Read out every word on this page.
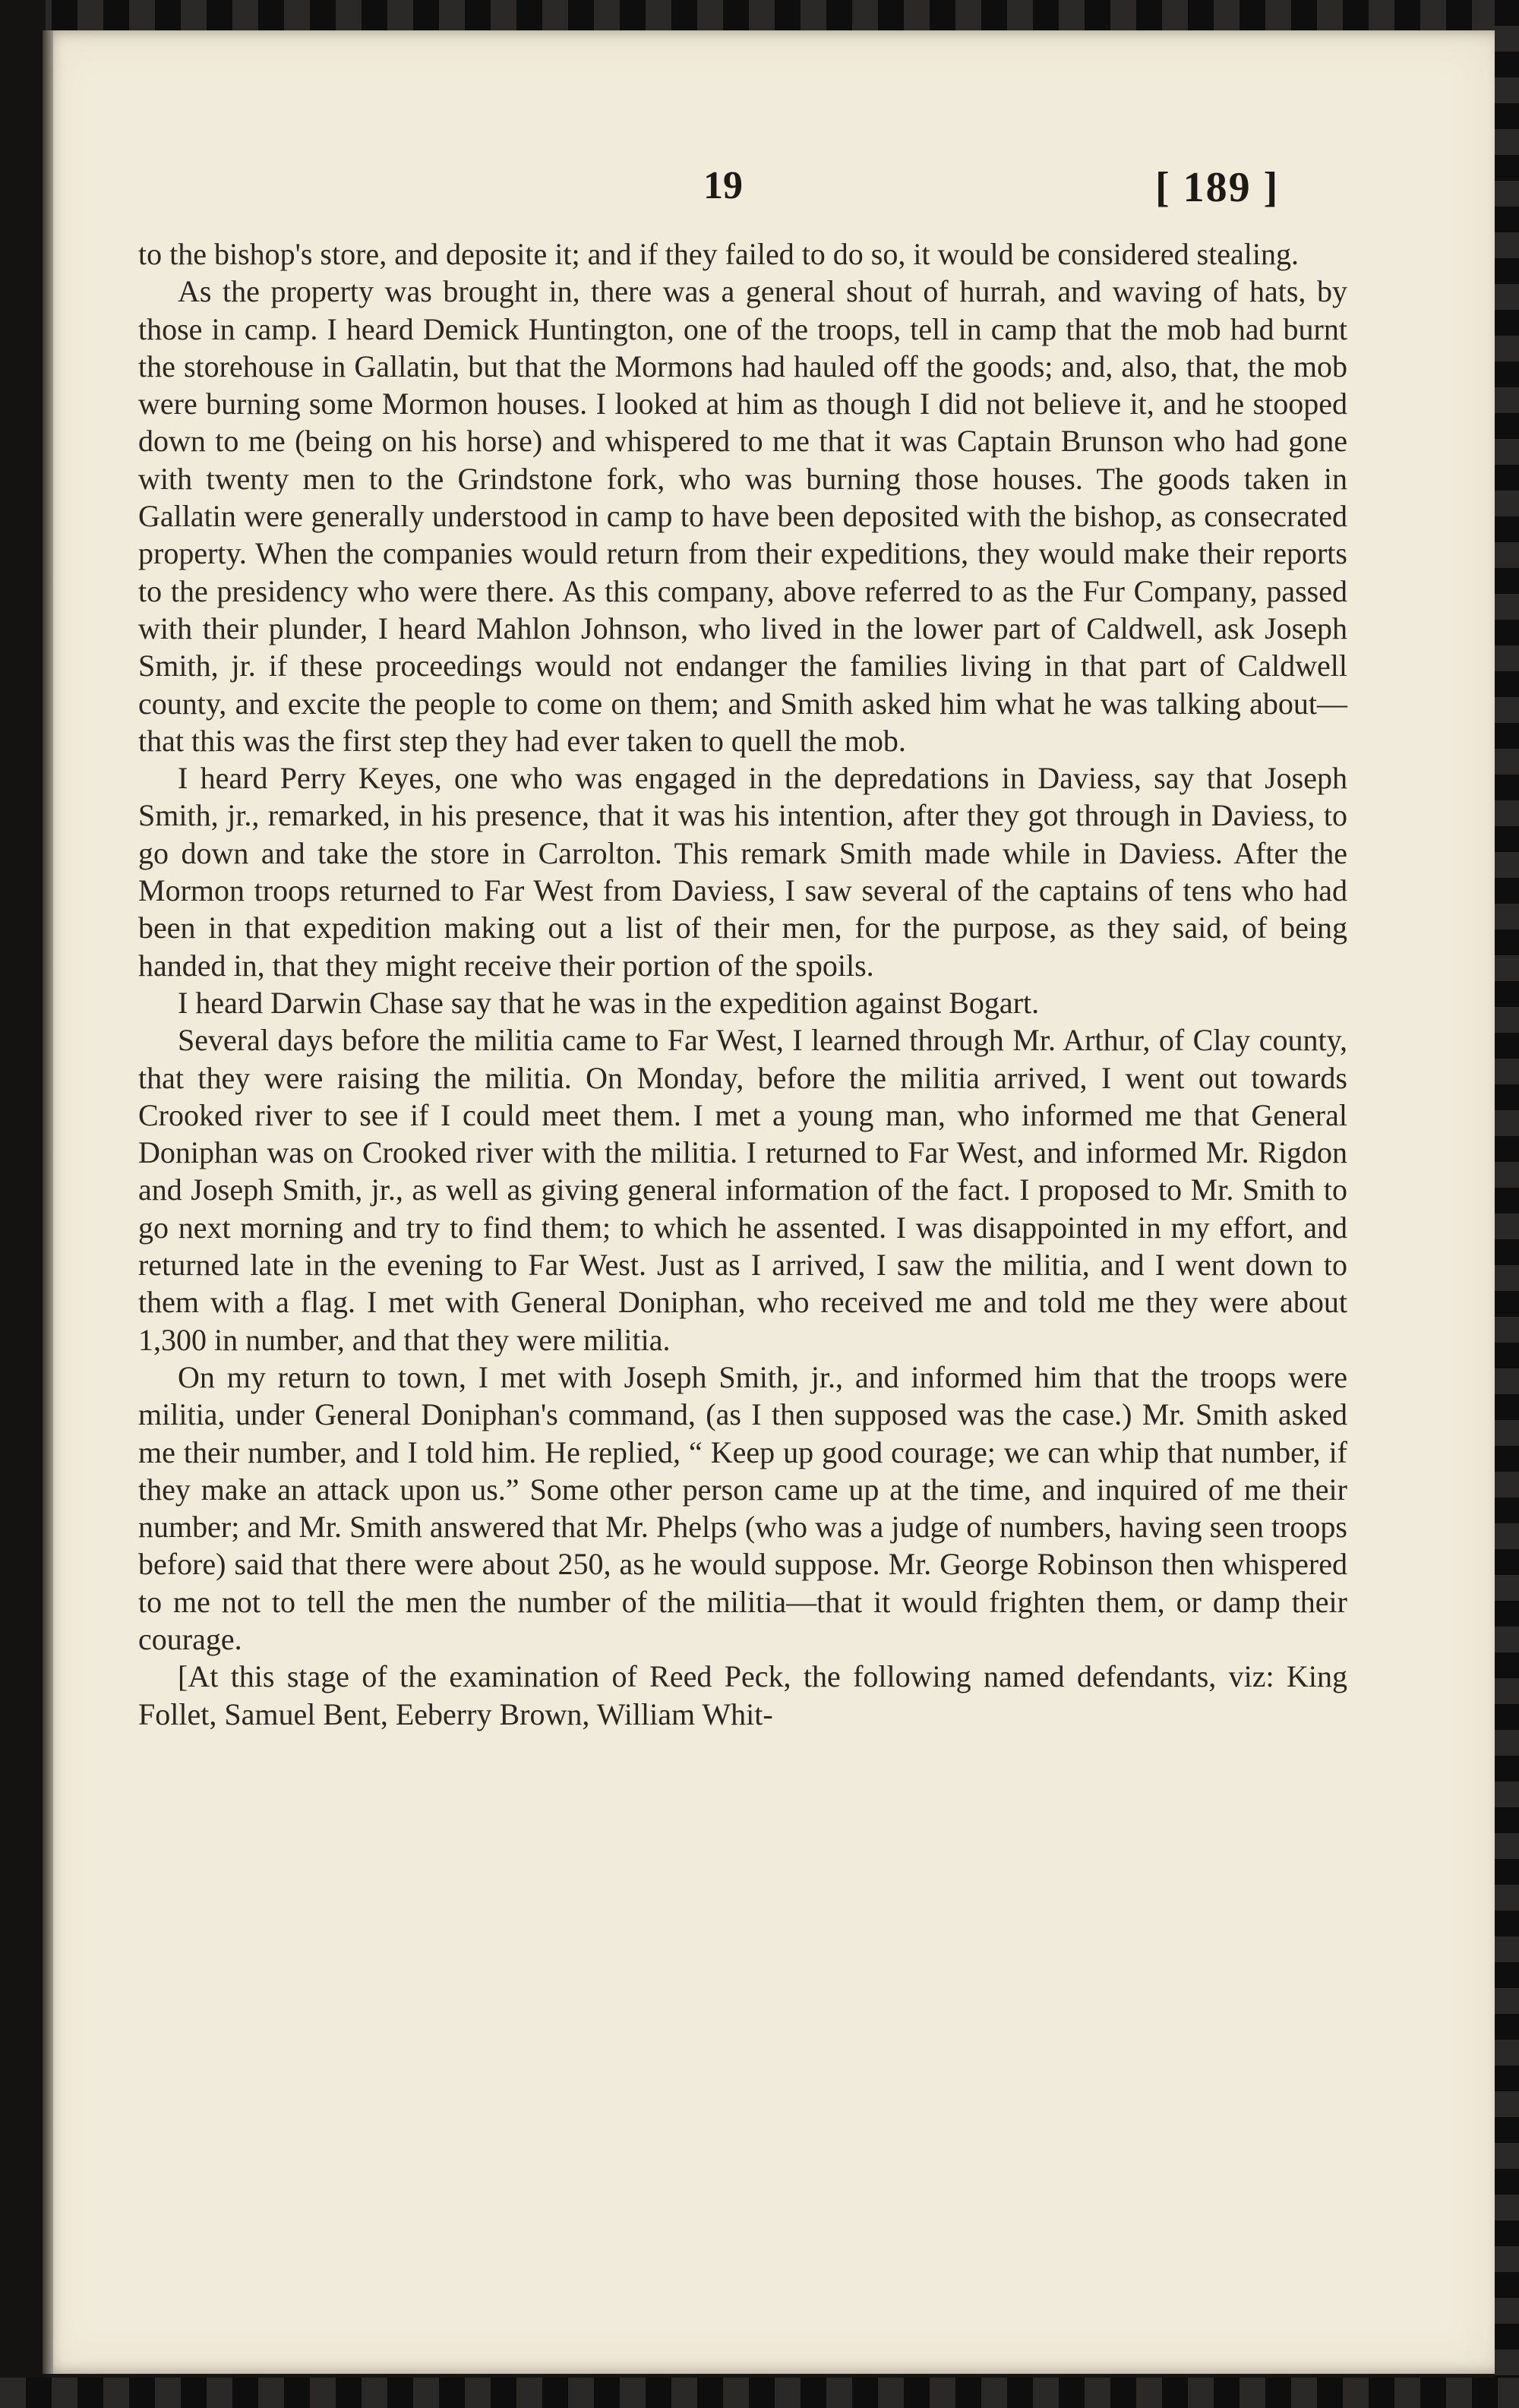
19	[ 189 ]

to the bishop's store, and deposite it; and if they failed to do so, it would be considered stealing.

As the property was brought in, there was a general shout of hurrah, and waving of hats, by those in camp. I heard Demick Huntington, one of the troops, tell in camp that the mob had burnt the storehouse in Gallatin, but that the Mormons had hauled off the goods; and, also, that, the mob were burning some Mormon houses. I looked at him as though I did not believe it, and he stooped down to me (being on his horse) and whispered to me that it was Captain Brunson who had gone with twenty men to the Grindstone fork, who was burning those houses. The goods taken in Gallatin were generally understood in camp to have been deposited with the bishop, as consecrated property. When the companies would return from their expeditions, they would make their reports to the presidency who were there. As this company, above referred to as the Fur Company, passed with their plunder, I heard Mahlon Johnson, who lived in the lower part of Caldwell, ask Joseph Smith, jr. if these proceedings would not endanger the families living in that part of Caldwell county, and excite the people to come on them; and Smith asked him what he was talking about—that this was the first step they had ever taken to quell the mob.

I heard Perry Keyes, one who was engaged in the depredations in Daviess, say that Joseph Smith, jr., remarked, in his presence, that it was his intention, after they got through in Daviess, to go down and take the store in Carrolton. This remark Smith made while in Daviess. After the Mormon troops returned to Far West from Daviess, I saw several of the captains of tens who had been in that expedition making out a list of their men, for the purpose, as they said, of being handed in, that they might receive their portion of the spoils.

I heard Darwin Chase say that he was in the expedition against Bogart.

Several days before the militia came to Far West, I learned through Mr. Arthur, of Clay county, that they were raising the militia. On Monday, before the militia arrived, I went out towards Crooked river to see if I could meet them. I met a young man, who informed me that General Doniphan was on Crooked river with the militia. I returned to Far West, and informed Mr. Rigdon and Joseph Smith, jr., as well as giving general information of the fact. I proposed to Mr. Smith to go next morning and try to find them; to which he assented. I was disappointed in my effort, and returned late in the evening to Far West. Just as I arrived, I saw the militia, and I went down to them with a flag. I met with General Doniphan, who received me and told me they were about 1,300 in number, and that they were militia.

On my return to town, I met with Joseph Smith, jr., and informed him that the troops were militia, under General Doniphan's command, (as I then supposed was the case.) Mr. Smith asked me their number, and I told him. He replied, “ Keep up good courage; we can whip that number, if they make an attack upon us.” Some other person came up at the time, and inquired of me their number; and Mr. Smith answered that Mr. Phelps (who was a judge of numbers, having seen troops before) said that there were about 250, as he would suppose. Mr. George Robinson then whispered to me not to tell the men the number of the militia—that it would frighten them, or damp their courage.

[At this stage of the examination of Reed Peck, the following named defendants, viz: King Follet, Samuel Bent, Eeberry Brown, William Whit-
